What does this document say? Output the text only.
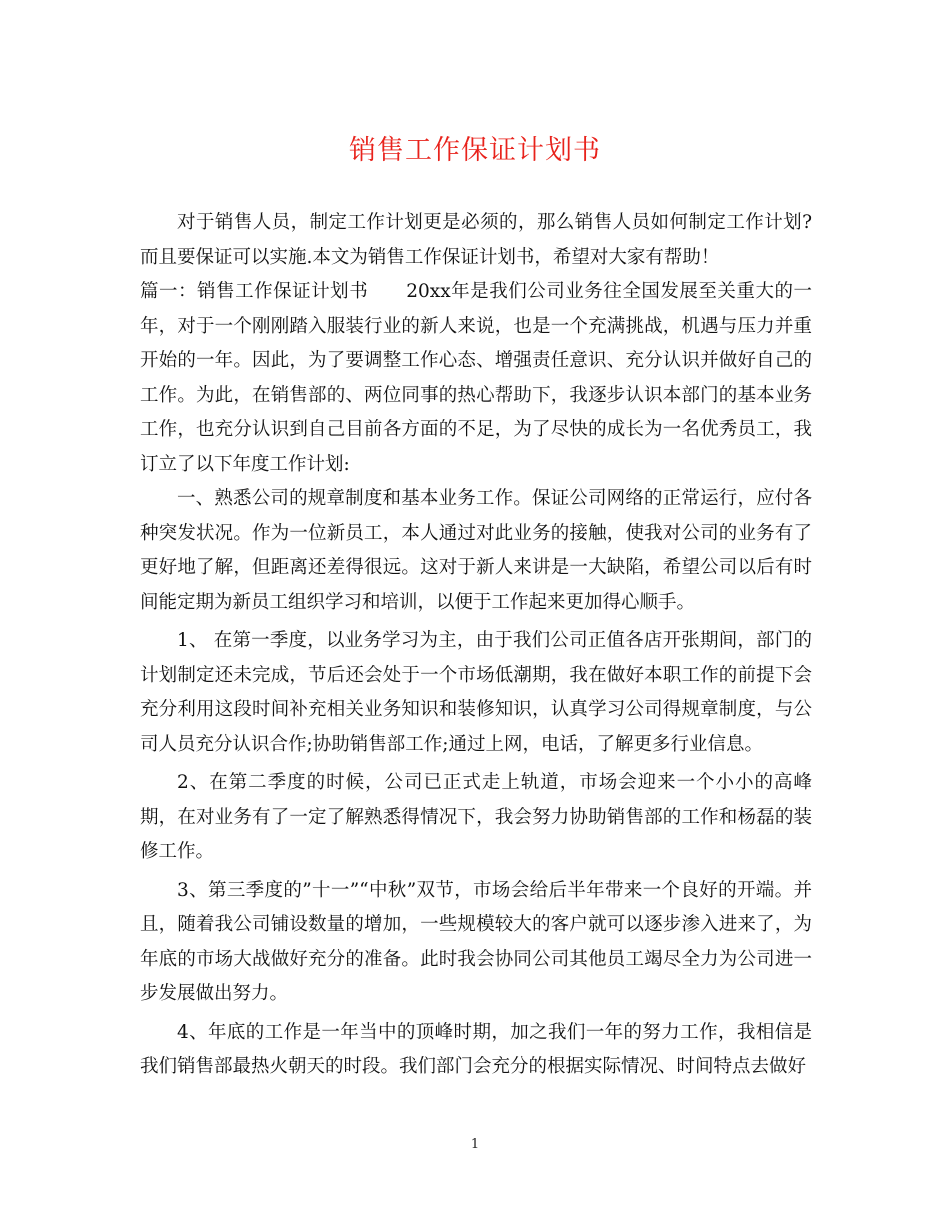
销售工作保证计划书

对于销售人员，制定工作计划更是必须的，那么销售人员如何制定工作计划?而且要保证可以实施.本文为销售工作保证计划书，希望对大家有帮助！

篇一：销售工作保证计划书　　20xx年是我们公司业务往全国发展至关重大的一年，对于一个刚刚踏入服装行业的新人来说，也是一个充满挑战，机遇与压力并重开始的一年。因此，为了要调整工作心态、增强责任意识、充分认识并做好自己的工作。为此，在销售部的、两位同事的热心帮助下，我逐步认识本部门的基本业务工作，也充分认识到自己目前各方面的不足，为了尽快的成长为一名优秀员工，我订立了以下年度工作计划:

一、熟悉公司的规章制度和基本业务工作。保证公司网络的正常运行，应付各种突发状况。作为一位新员工，本人通过对此业务的接触，使我对公司的业务有了更好地了解，但距离还差得很远。这对于新人来讲是一大缺陷，希望公司以后有时间能定期为新员工组织学习和培训，以便于工作起来更加得心顺手。

1、 在第一季度，以业务学习为主，由于我们公司正值各店开张期间，部门的计划制定还未完成，节后还会处于一个市场低潮期，我在做好本职工作的前提下会充分利用这段时间补充相关业务知识和装修知识，认真学习公司得规章制度，与公司人员充分认识合作;协助销售部工作;通过上网，电话，了解更多行业信息。

2、在第二季度的时候，公司已正式走上轨道，市场会迎来一个小小的高峰期，在对业务有了一定了解熟悉得情况下，我会努力协助销售部的工作和杨磊的装修工作。

3、第三季度的”十一”“中秋”双节，市场会给后半年带来一个良好的开端。并且，随着我公司铺设数量的增加，一些规模较大的客户就可以逐步渗入进来了，为年底的市场大战做好充分的准备。此时我会协同公司其他员工竭尽全力为公司进一步发展做出努力。

4、年底的工作是一年当中的顶峰时期，加之我们一年的努力工作，我相信是我们销售部最热火朝天的时段。我们部门会充分的根据实际情况、时间特点去做好

1
